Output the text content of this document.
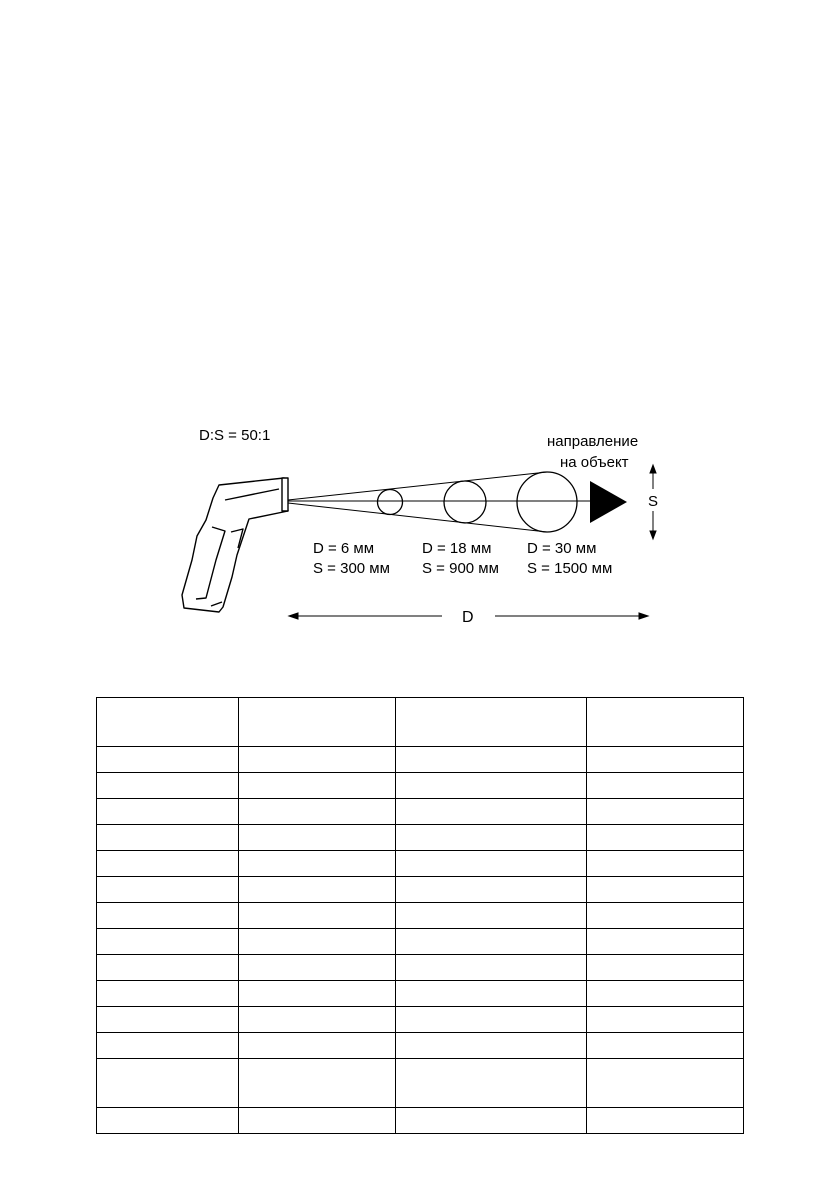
D:S = 50:1	направление
на объект
S
D = 6 мм
S = 300 мм
D = 18 мм
S = 900 мм
D = 30 мм
S = 1500 мм
D
